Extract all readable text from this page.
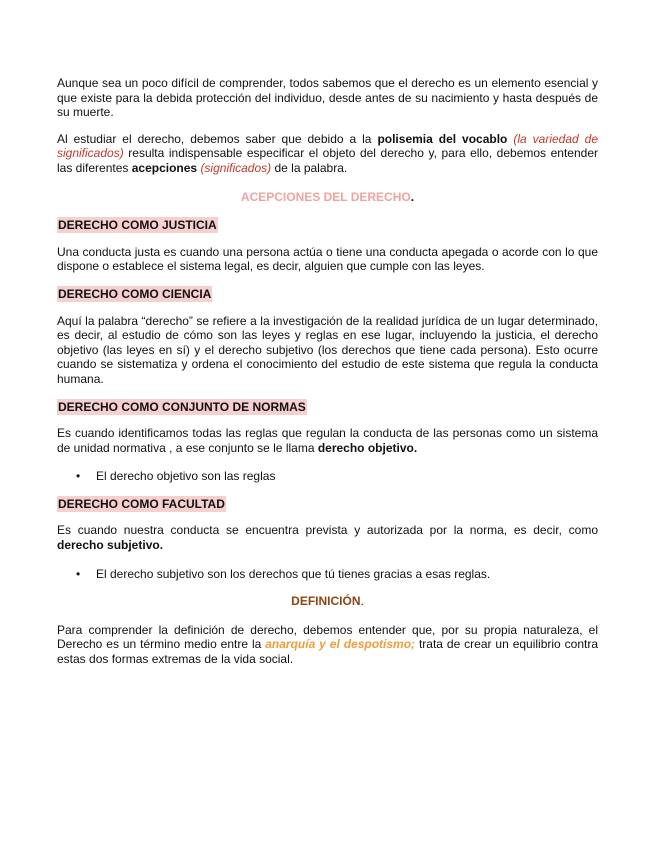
Aunque sea un poco difícil de comprender, todos sabemos que el derecho es un elemento esencial y que existe para la debida protección del individuo, desde antes de su nacimiento y hasta después de su muerte.

Al estudiar el derecho, debemos saber que debido a la polisemia del vocablo (la variedad de significados) resulta indispensable especificar el objeto del derecho y, para ello, debemos entender las diferentes acepciones (significados) de la palabra.

ACEPCIONES DEL DERECHO.

DERECHO COMO JUSTICIA

Una conducta justa es cuando una persona actúa o tiene una conducta apegada o acorde con lo que dispone o establece el sistema legal, es decir, alguien que cumple con las leyes.

DERECHO COMO CIENCIA

Aquí la palabra “derecho” se refiere a la investigación de la realidad jurídica de un lugar determinado, es decir, al estudio de cómo son las leyes y reglas en ese lugar, incluyendo la justicia, el derecho objetivo (las leyes en sí) y el derecho subjetivo (los derechos que tiene cada persona). Esto ocurre cuando se sistematiza y ordena el conocimiento del estudio de este sistema que regula la conducta humana.

DERECHO COMO CONJUNTO DE NORMAS

Es cuando identificamos todas las reglas que regulan la conducta de las personas como un sistema de unidad normativa , a ese conjunto se le llama derecho objetivo.

• El derecho objetivo son las reglas

DERECHO COMO FACULTAD

Es cuando nuestra conducta se encuentra prevista y autorizada por la norma, es decir, como derecho subjetivo.

• El derecho subjetivo son los derechos que tú tienes gracias a esas reglas.

DEFINICIÓN.

Para comprender la definición de derecho, debemos entender que, por su propia naturaleza, el Derecho es un término medio entre la anarquía y el despotismo; trata de crear un equilibrio contra estas dos formas extremas de la vida social.
